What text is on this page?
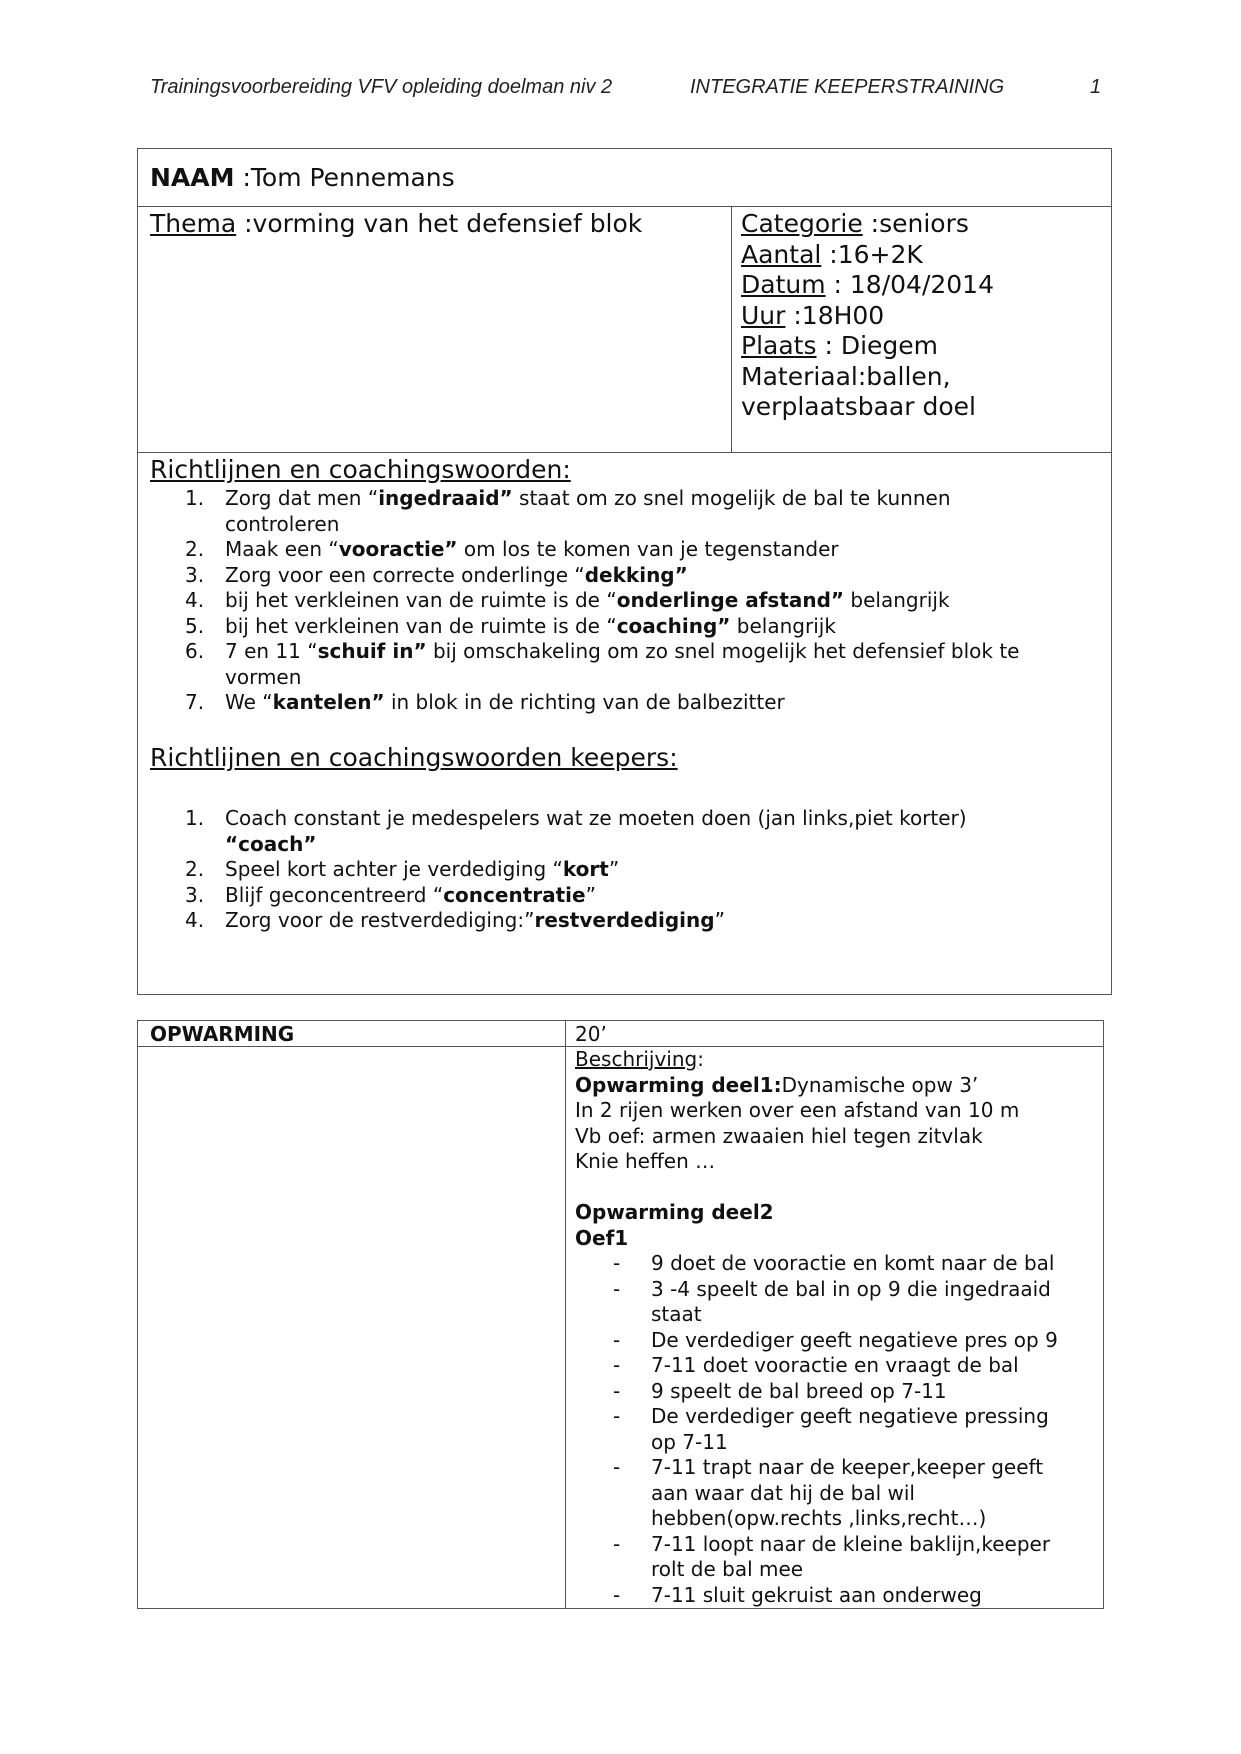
Trainingsvoorbereiding VFV opleiding doelman niv 2	INTEGRATIE KEEPERSTRAINING	1
NAAM :Tom Pennemans
Thema :vorming van het defensief blok	Categorie :seniors
Aantal :16+2K
Datum : 18/04/2014
Uur :18H00
Plaats : Diegem
Materiaal:ballen,
verplaatsbaar doel
Richtlijnen en coachingswoorden:
1. Zorg dat men “ingedraaid” staat om zo snel mogelijk de bal te kunnen
controleren
2. Maak een “vooractie” om los te komen van je tegenstander
3. Zorg voor een correcte onderlinge “dekking”
4. bij het verkleinen van de ruimte is de “onderlinge afstand” belangrijk
5. bij het verkleinen van de ruimte is de “coaching” belangrijk
6. 7 en 11 “schuif in” bij omschakeling om zo snel mogelijk het defensief blok te
vormen
7. We “kantelen” in blok in de richting van de balbezitter
Richtlijnen en coachingswoorden keepers:
1. Coach constant je medespelers wat ze moeten doen (jan links,piet korter)
“coach”
2. Speel kort achter je verdediging “kort”
3. Blijf geconcentreerd “concentratie”
4. Zorg voor de restverdediging:”restverdediging”
OPWARMING	20’

Beschrijving:

Opwarming deel1:Dynamische opw 3’

In 2 rijen werken over een afstand van 10 m

Vb oef: armen zwaaien hiel tegen zitvlak

Knie heffen …

Opwarming deel2

Oef1

- 9 doet de vooractie en komt naar de bal
- 3 -4 speelt de bal in op 9 die ingedraaid
staat
- De verdediger geeft negatieve pres op 9
- 7-11 doet vooractie en vraagt de bal
- 9 speelt de bal breed op 7-11
- De verdediger geeft negatieve pressing
op 7-11
- 7-11 trapt naar de keeper,keeper geeft
aan waar dat hij de bal wil
hebben(opw.rechts ,links,recht…)
- 7-11 loopt naar de kleine baklijn,keeper
rolt de bal mee
- 7-11 sluit gekruist aan onderweg
